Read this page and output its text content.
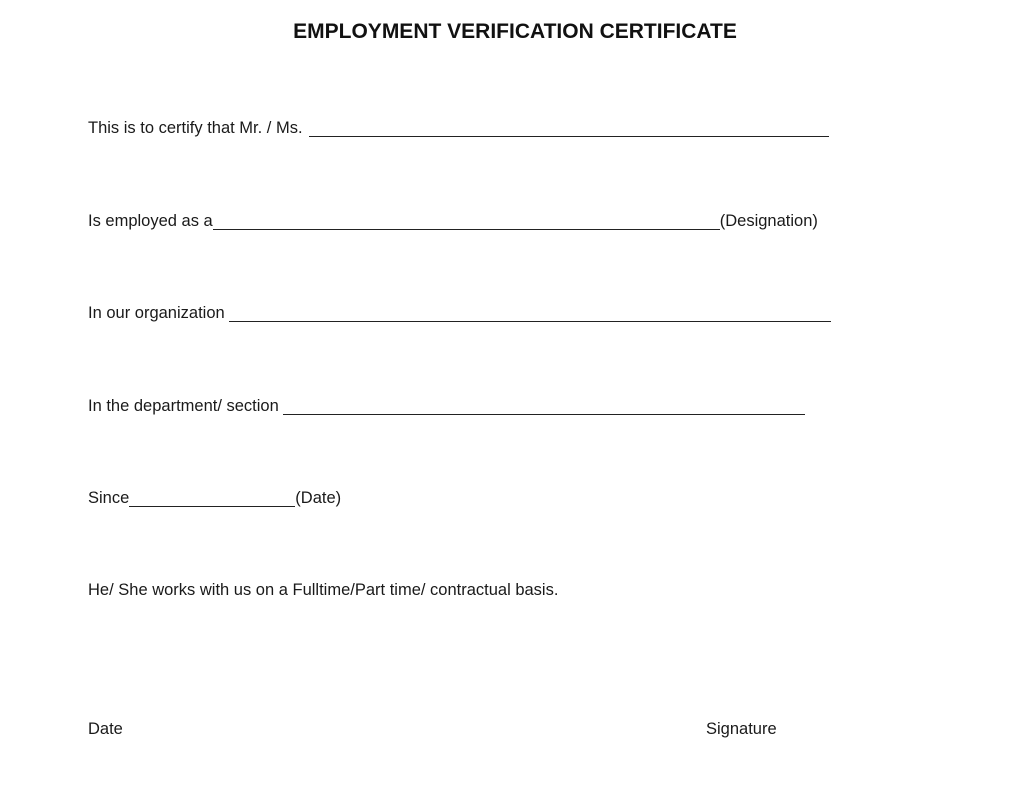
EMPLOYMENT VERIFICATION CERTIFICATE
This is to certify that Mr. / Ms.
Is employed as a	(Designation)
In our organization
In the department/ section
Since	(Date)
He/ She works with us on a Fulltime/Part time/ contractual basis.
Date	Signature
